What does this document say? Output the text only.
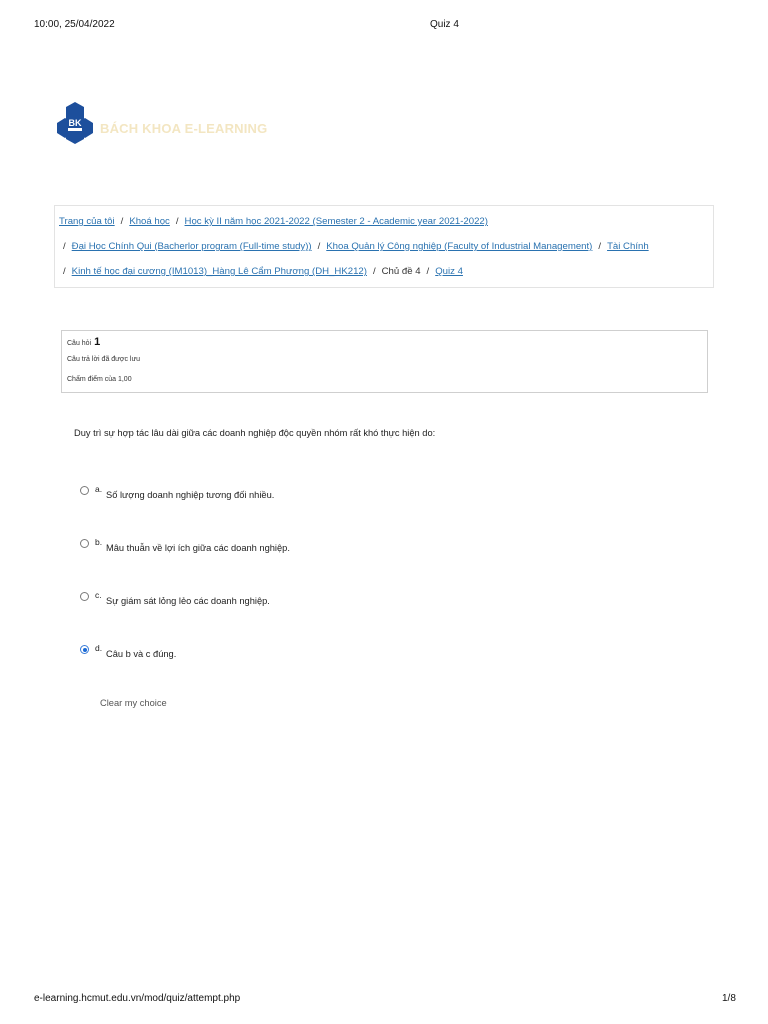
10:00, 25/04/2022	Quiz 4
BK BÁCH KHOA E-LEARNING
Trang của tôi / Khoá học / Học kỳ II năm học 2021-2022 (Semester 2 - Academic year 2021-2022)
/ Đại Học Chính Qui (Bacherlor program (Full-time study)) / Khoa Quản lý Công nghiệp (Faculty of Industrial Management) / Tài Chính
/ Kinh tế học đại cương (IM1013)_Hàng Lê Cẩm Phương (DH_HK212) / Chủ đề 4 / Quiz 4
Câu hỏi 1
Câu trả lời đã được lưu
Chấm điểm của 1,00
Duy trì sự hợp tác lâu dài giữa các doanh nghiệp độc quyền nhóm rất khó thực hiện do:
a.
Số lượng doanh nghiệp tương đối nhiều.
b.
Mâu thuẫn về lợi ích giữa các doanh nghiệp.
c.
Sự giám sát lỏng lẻo các doanh nghiệp.
d.
Câu b và c đúng.
Clear my choice
e-learning.hcmut.edu.vn/mod/quiz/attempt.php	1/8
